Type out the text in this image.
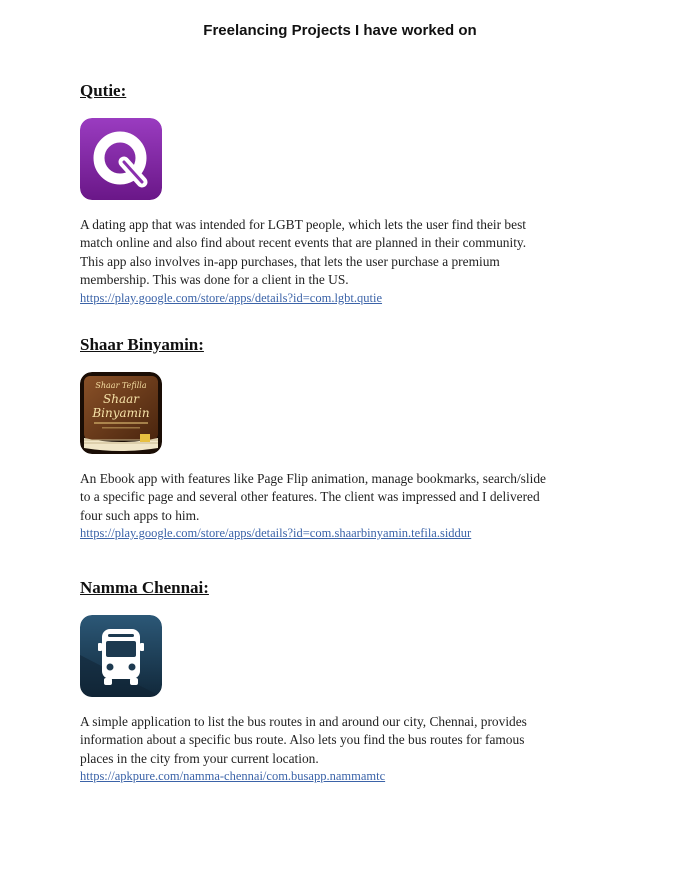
Freelancing Projects I have worked on
Qutie:
A dating app that was intended for LGBT people, which lets the user find their best
match online and also find about recent events that are planned in their community.
This app also involves in-app purchases, that lets the user purchase a premium
membership. This was done for a client in the US.
https://play.google.com/store/apps/details?id=com.lgbt.qutie
Shaar Binyamin:
Shaar Tefilla
Shaar
Binyamin
An Ebook app with features like Page Flip animation, manage bookmarks, search/slide
to a specific page and several other features. The client was impressed and I delivered
four such apps to him.
https://play.google.com/store/apps/details?id=com.shaarbinyamin.tefila.siddur
Namma Chennai:
A simple application to list the bus routes in and around our city, Chennai, provides
information about a specific bus route. Also lets you find the bus routes for famous
places in the city from your current location.
https://apkpure.com/namma-chennai/com.busapp.nammamtc
